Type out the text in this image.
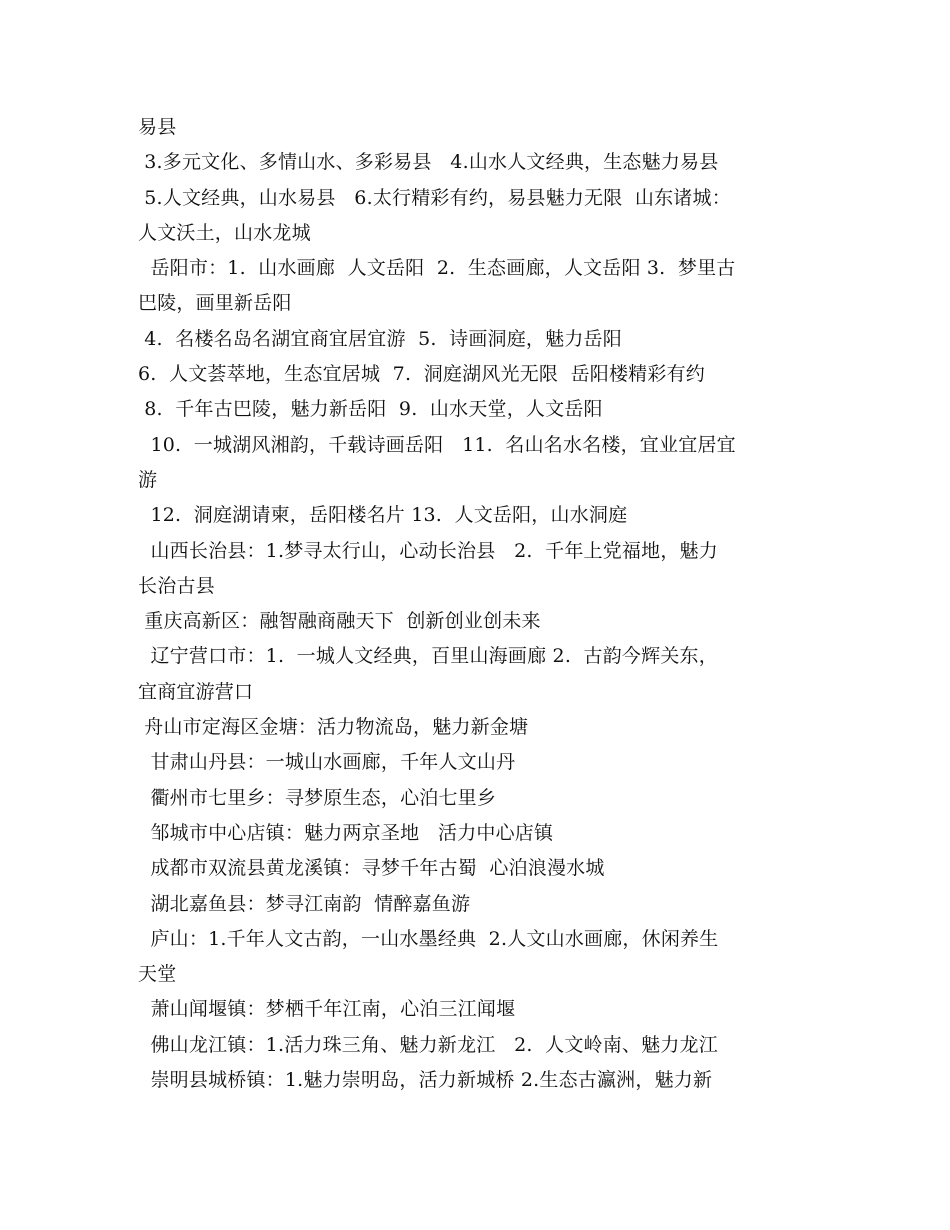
易县
3.多元文化、多情山水、多彩易县   4.山水人文经典，生态魅力易县
5.人文经典，山水易县   6.太行精彩有约，易县魅力无限  山东诸城：
人文沃土，山水龙城
岳阳市：1.  山水画廊  人文岳阳  2.  生态画廊，人文岳阳 3.  梦里古
巴陵，画里新岳阳
4.  名楼名岛名湖宜商宜居宜游  5.  诗画洞庭，魅力岳阳
6.  人文荟萃地，生态宜居城  7.  洞庭湖风光无限  岳阳楼精彩有约
8.  千年古巴陵，魅力新岳阳  9.  山水天堂，人文岳阳
10.  一城湖风湘韵，千载诗画岳阳   11.  名山名水名楼，宜业宜居宜
游
12.  洞庭湖请柬，岳阳楼名片 13.  人文岳阳，山水洞庭
山西长治县：1.梦寻太行山，心动长治县   2.  千年上党福地，魅力
长治古县
重庆高新区：融智融商融天下  创新创业创未来
辽宁营口市：1.  一城人文经典，百里山海画廊 2.  古韵今辉关东，
宜商宜游营口
舟山市定海区金塘：活力物流岛，魅力新金塘
甘肃山丹县：一城山水画廊，千年人文山丹
衢州市七里乡：寻梦原生态，心泊七里乡
邹城市中心店镇：魅力两京圣地   活力中心店镇
成都市双流县黄龙溪镇：寻梦千年古蜀  心泊浪漫水城
湖北嘉鱼县：梦寻江南韵  情醉嘉鱼游
庐山：1.千年人文古韵，一山水墨经典  2.人文山水画廊，休闲养生
天堂
萧山闻堰镇：梦栖千年江南，心泊三江闻堰
佛山龙江镇：1.活力珠三角、魅力新龙江   2.  人文岭南、魅力龙江
崇明县城桥镇：1.魅力崇明岛，活力新城桥 2.生态古瀛洲，魅力新
